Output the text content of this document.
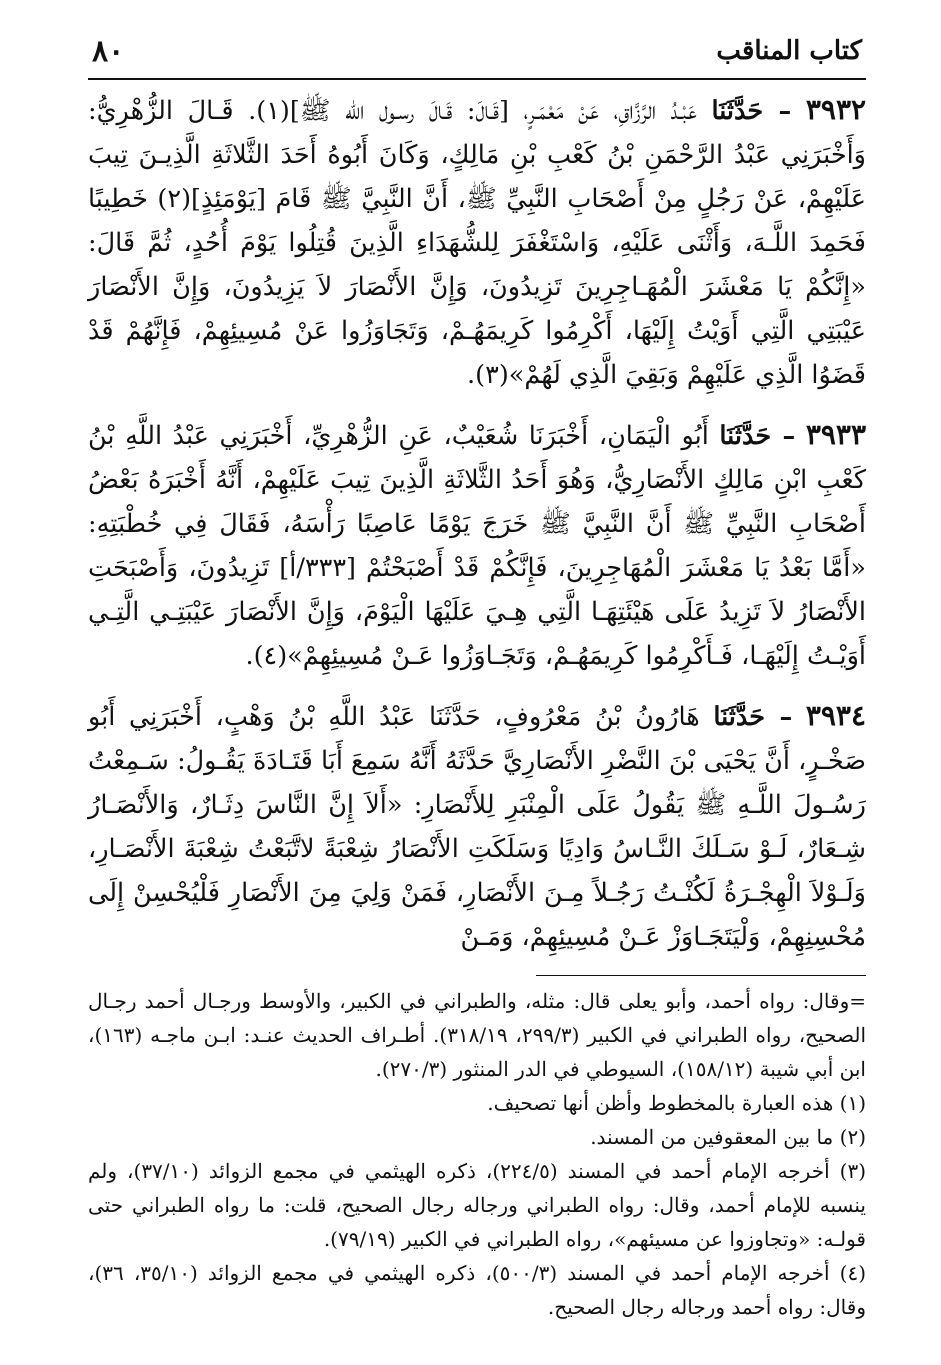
كتاب المناقب
٨٠

٣٩٣٢ – حَدَّثَنَا عَبْـدُ الرَّزَّاقِ، عَنْ مَعْمَـرٍ، [قَـالَ: قَـالَ رسـول الله ﷺ](١). قَـالَ الزُّهْرِيُّ: وَأَخْبَرَنِي عَبْدُ الرَّحْمَنِ بْنُ كَعْبِ بْنِ مَالِكٍ، وَكَانَ أَبُوهُ أَحَدَ الثَّلاثَةِ الَّذِيـنَ تِيبَ عَلَيْهِمْ، عَنْ رَجُلٍ مِنْ أَصْحَابِ النَّبِيِّ ﷺ، أَنَّ النَّبِيَّ ﷺ قَامَ [يَوْمَئِذٍ](٢) خَطِيبًا فَحَمِدَ اللَّـهَ، وَأَثْنَى عَلَيْهِ، وَاسْتَغْفَرَ لِلشُّهَدَاءِ الَّذِينَ قُتِلُوا يَوْمَ أُحُدٍ، ثُمَّ قَالَ: «إِنَّكُمْ يَا مَعْشَرَ الْمُهَـاجِرِينَ تَزِيدُونَ، وَإِنَّ الأَنْصَارَ لاَ يَزِيدُونَ، وَإِنَّ الأَنْصَارَ عَيْبَتِي الَّتِي أَوَيْتُ إِلَيْهَا، أَكْرِمُوا كَرِيمَهُـمْ، وَتَجَاوَزُوا عَنْ مُسِيئِهِمْ، فَإِنَّهُمْ قَدْ قَضَوُا الَّذِي عَلَيْهِمْ وَبَقِيَ الَّذِي لَهُمْ»(٣).

٣٩٣٣ – حَدَّثَنَا أَبُو الْيَمَانِ، أَخْبَرَنَا شُعَيْبٌ، عَنِ الزُّهْرِيِّ، أَخْبَرَنِي عَبْدُ اللَّهِ بْنُ كَعْبِ ابْنِ مَالِكٍ الأَنْصَارِيُّ، وَهُوَ أَحَدُ الثَّلاثَةِ الَّذِينَ تِيبَ عَلَيْهِمْ، أَنَّهُ أَخْبَرَهُ بَعْضُ أَصْحَابِ النَّبِيِّ ﷺ أَنَّ النَّبِيَّ ﷺ خَرَجَ يَوْمًا عَاصِبًا رَأْسَهُ، فَقَالَ فِي خُطْبَتِهِ: «أَمَّا بَعْدُ يَا مَعْشَرَ الْمُهَاجِرِينَ، فَإِنَّكُمْ قَدْ أَصْبَحْتُمْ [٣٣٣/أ] تَزِيدُونَ، وَأَصْبَحَتِ الأَنْصَارُ لاَ تَزِيدُ عَلَى هَيْئَتِهَـا الَّتِي هِـيَ عَلَيْهَا الْيَوْمَ، وَإِنَّ الأَنْصَارَ عَيْبَتِـي الَّتِـي أَوَيْـتُ إِلَيْهَـا، فَـأَكْرِمُوا كَرِيمَهُـمْ، وَتَجَـاوَزُوا عَـنْ مُسِيئِهِمْ»(٤).

٣٩٣٤ – حَدَّثَنَا هَارُونُ بْنُ مَعْرُوفٍ، حَدَّثَنَا عَبْدُ اللَّهِ بْنُ وَهْبٍ، أَخْبَرَنِي أَبُو صَخْـرٍ، أَنَّ يَحْيَى بْنَ النَّضْرِ الأَنْصَارِيَّ حَدَّثَهُ أَنَّهُ سَمِعَ أَبَا قَتَـادَةَ يَقُـولُ: سَـمِعْتُ رَسُـولَ اللَّـهِ ﷺ يَقُولُ عَلَى الْمِنْبَرِ لِلأَنْصَارِ: «أَلاَ إِنَّ النَّاسَ دِثَـارٌ، وَالأَنْصَـارُ شِـعَارٌ، لَـوْ سَـلَكَ النَّـاسُ وَادِيًا وَسَلَكَتِ الأَنْصَارُ شِعْبَةً لاتَّبَعْتُ شِعْبَةَ الأَنْصَـارِ، وَلَـوْلاَ الْهِجْـرَةُ لَكُنْـتُ رَجُـلاً مِـنَ الأَنْصَارِ، فَمَنْ وَلِيَ مِنَ الأَنْصَارِ فَلْيُحْسِنْ إِلَى مُحْسِنِهِمْ، وَلْيَتَجَـاوَزْ عَـنْ مُسِيئِهِمْ، وَمَـنْ

=وقال: رواه أحمد، وأبو يعلى قال: مثله، والطبراني في الكبير، والأوسط ورجـال أحمد رجـال الصحيح، رواه الطبراني في الكبير (٢٩٩/٣، ٣١٨/١٩). أطـراف الحديث عنـد: ابـن ماجـه (١٦٣)، ابن أبي شيبة (١٥٨/١٢)، السيوطي في الدر المنثور (٢٧٠/٣).

(١) هذه العبارة بالمخطوط وأظن أنها تصحيف.

(٢) ما بين المعقوفين من المسند.

(٣) أخرجه الإمام أحمد في المسند (٢٢٤/٥)، ذكره الهيثمي في مجمع الزوائد (٣٧/١٠)، ولم ينسبه للإمام أحمد، وقال: رواه الطبراني ورجاله رجال الصحيح، قلت: ما رواه الطبراني حتى قولـه: «وتجاوزوا عن مسيئهم»، رواه الطبراني في الكبير (٧٩/١٩).

(٤) أخرجه الإمام أحمد في المسند (٥٠٠/٣)، ذكره الهيثمي في مجمع الزوائد (٣٥/١٠، ٣٦)، وقال: رواه أحمد ورجاله رجال الصحيح.
